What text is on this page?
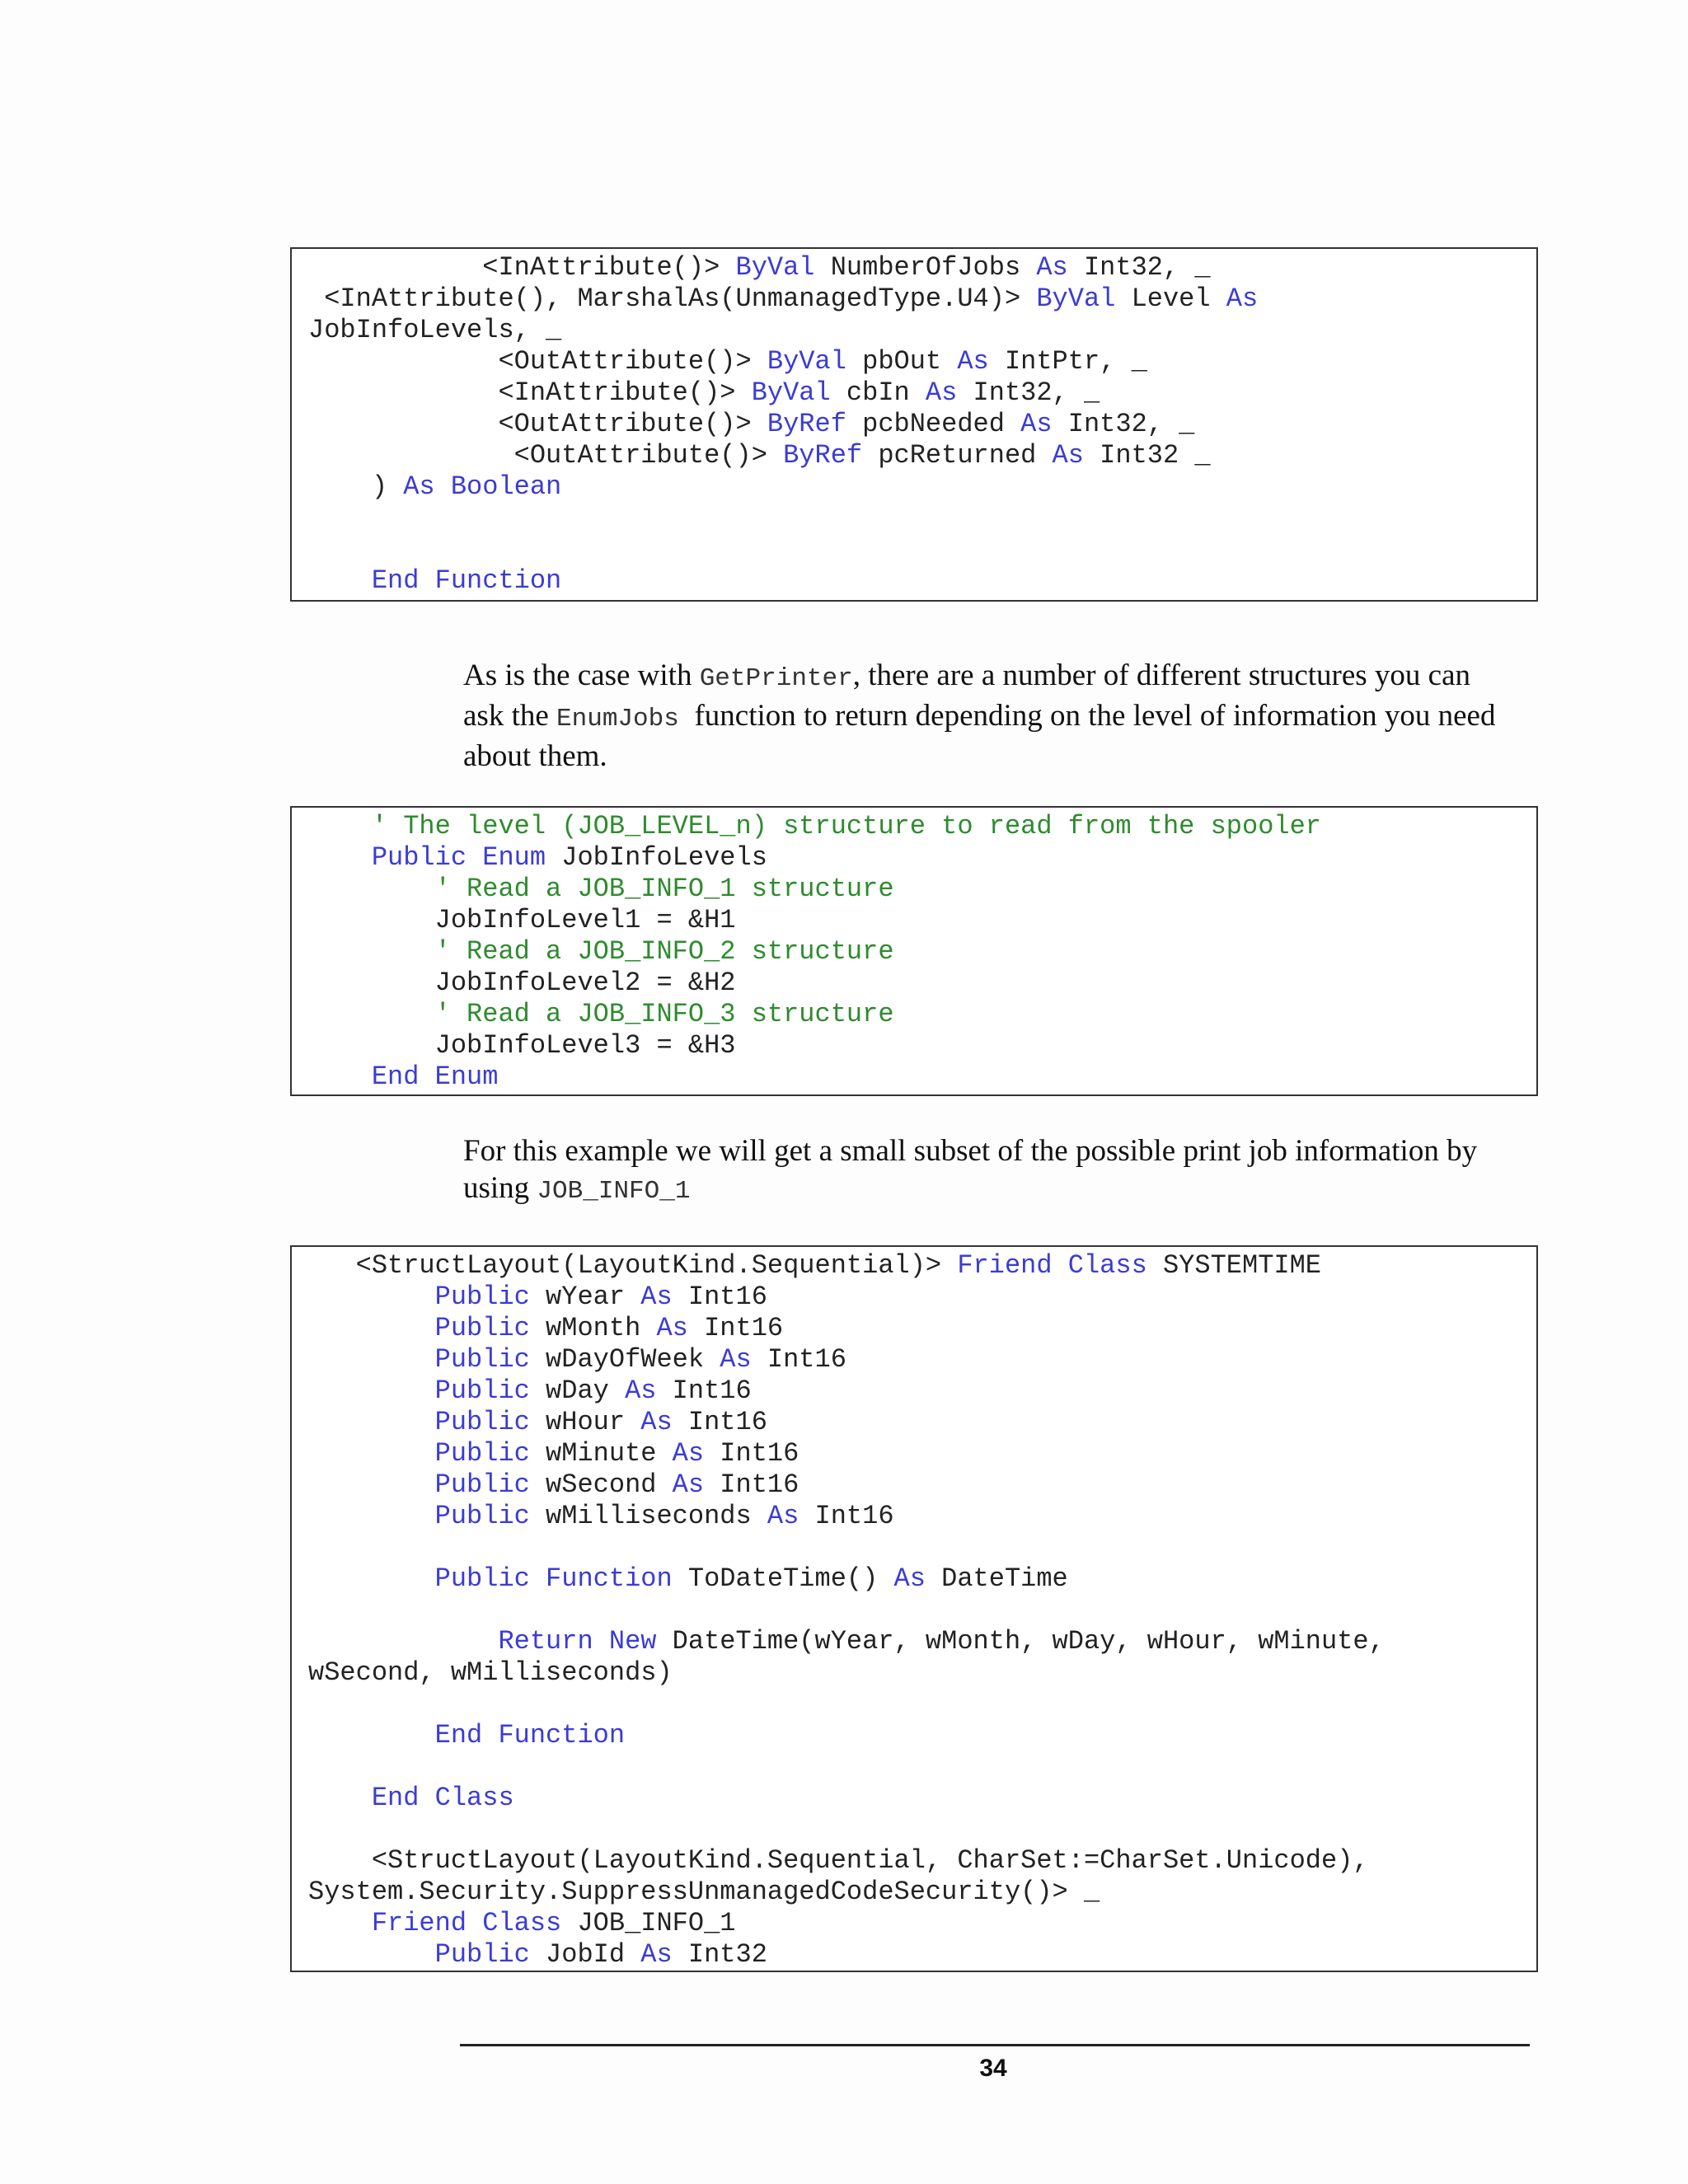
<InAttribute()> ByVal NumberOfJobs As Int32, _
<InAttribute(), MarshalAs(UnmanagedType.U4)> ByVal Level As
JobInfoLevels, _
<OutAttribute()> ByVal pbOut As IntPtr, _
<InAttribute()> ByVal cbIn As Int32, _
<OutAttribute()> ByRef pcbNeeded As Int32, _
<OutAttribute()> ByRef pcReturned As Int32 _
) As Boolean
End Function

As is the case with GetPrinter, there are a number of different structures you can ask the EnumJobs function to return depending on the level of information you need about them.

' The level (JOB_LEVEL_n) structure to read from the spooler
Public Enum JobInfoLevels
' Read a JOB_INFO_1 structure
JobInfoLevel1 = &H1
' Read a JOB_INFO_2 structure
JobInfoLevel2 = &H2
' Read a JOB_INFO_3 structure
JobInfoLevel3 = &H3
End Enum

For this example we will get a small subset of the possible print job information by using JOB_INFO_1

<StructLayout(LayoutKind.Sequential)> Friend Class SYSTEMTIME
Public wYear As Int16
Public wMonth As Int16
Public wDayOfWeek As Int16
Public wDay As Int16
Public wHour As Int16
Public wMinute As Int16
Public wSecond As Int16
Public wMilliseconds As Int16
Public Function ToDateTime() As DateTime
Return New DateTime(wYear, wMonth, wDay, wHour, wMinute,
wSecond, wMilliseconds)
End Function
End Class
<StructLayout(LayoutKind.Sequential, CharSet:=CharSet.Unicode),
System.Security.SuppressUnmanagedCodeSecurity()> _
Friend Class JOB_INFO_1
Public JobId As Int32
34
